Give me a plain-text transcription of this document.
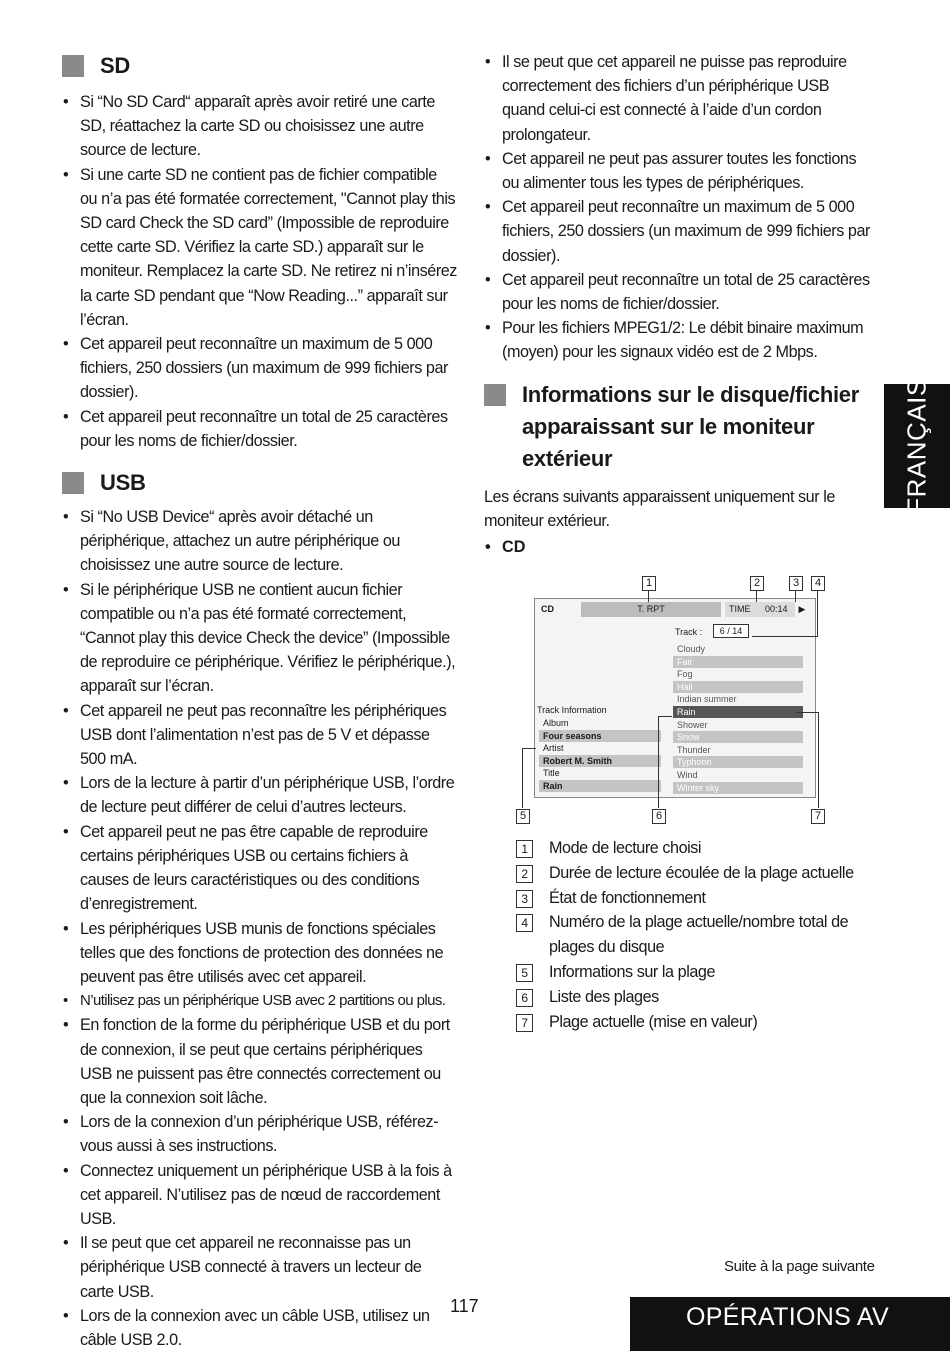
SD
• Si “No SD Card“ apparaît après avoir retiré une carte SD, réattachez la carte SD ou choisissez une autre source de lecture.
• Si une carte SD ne contient pas de fichier compatible ou n’a pas été formatée correctement, "Cannot play this SD card Check the SD card” (Impossible de reproduire cette carte SD. Vérifiez la carte SD.) apparaît sur le moniteur. Remplacez la carte SD. Ne retirez ni n’insérez la carte SD pendant que “Now Reading...” apparaît sur l’écran.
• Cet appareil peut reconnaître un maximum de 5 000 fichiers, 250 dossiers (un maximum de 999 fichiers par dossier).
• Cet appareil peut reconnaître un total de 25 caractères pour les noms de fichier/dossier.
USB
• Si “No USB Device“ après avoir détaché un périphérique, attachez un autre périphérique ou choisissez une autre source de lecture.
• Si le périphérique USB ne contient aucun fichier compatible ou n’a pas été formaté correctement, “Cannot play this device Check the device” (Impossible de reproduire ce périphérique. Vérifiez le périphérique.), apparaît sur l’écran.
• Cet appareil ne peut pas reconnaître les périphériques USB dont l’alimentation n’est pas de 5 V et dépasse 500 mA.
• Lors de la lecture à partir d’un périphérique USB, l’ordre de lecture peut différer de celui d’autres lecteurs.
• Cet appareil peut ne pas être capable de reproduire certains périphériques USB ou certains fichiers à causes de leurs caractéristiques ou des conditions d’enregistrement.
• Les périphériques USB munis de fonctions spéciales telles que des fonctions de protection des données ne peuvent pas être utilisés avec cet appareil.
• N’utilisez pas un périphérique USB avec 2 partitions ou plus.
• En fonction de la forme du périphérique USB et du port de connexion, il se peut que certains périphériques USB ne puissent pas être connectés correctement ou que la connexion soit lâche.
• Lors de la connexion d’un périphérique USB, référez-vous aussi à ses instructions.
• Connectez uniquement un périphérique USB à la fois à cet appareil. N’utilisez pas de nœud de raccordement USB.
• Il se peut que cet appareil ne reconnaisse pas un périphérique USB connecté à travers un lecteur de carte USB.
• Lors de la connexion avec un câble USB, utilisez un câble USB 2.0.
• Il se peut que cet appareil ne puisse pas reproduire correctement des fichiers d’un périphérique USB quand celui-ci est connecté à l’aide d’un cordon prolongateur.
• Cet appareil ne peut pas assurer toutes les fonctions ou alimenter tous les types de périphériques.
• Cet appareil peut reconnaître un maximum de 5 000 fichiers, 250 dossiers (un maximum de 999 fichiers par dossier).
• Cet appareil peut reconnaître un total de 25 caractères pour les noms de fichier/dossier.
• Pour les fichiers MPEG1/2: Le débit binaire maximum (moyen) pour les signaux vidéo est de 2 Mbps.
Informations sur le disque/fichier apparaissant sur le moniteur extérieur

Les écrans suivants apparaissent uniquement sur le moniteur extérieur.

• CD
1	2	3	4
CD	T. RPT	TIME 00:14	▶
Track :	6 / 14
Track Information
Album
Four seasons
Artist
Robert M. Smith
Title
Rain
Cloudy
Fair
Fog
Hail
Indian summer
Rain
Shower
Snow
Thunder
Typhoon
Wind
Winter sky
5	6	7
1	Mode de lecture choisi
2	Durée de lecture écoulée de la plage actuelle
3	État de fonctionnement
4	Numéro de la plage actuelle/nombre total de plages du disque
5	Informations sur la plage
6	Liste des plages
7	Plage actuelle (mise en valeur)
FRANÇAIS
Suite à la page suivante
117	OPÉRATIONS AV
